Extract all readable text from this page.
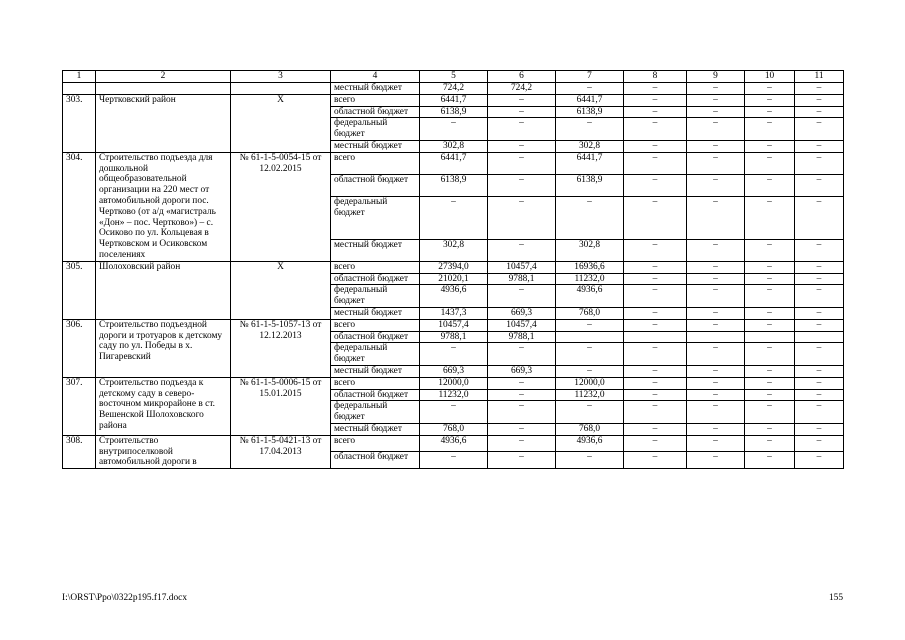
1	2	3	4	5	6	7	8	9	10	11
			местный бюджет	724,2	724,2	–	–	–	–	–
303.	Чертковский район	Х	всего	6441,7	–	6441,7	–	–	–	–
			областной бюджет	6138,9	–	6138,9	–	–	–	–
			федеральный бюджет	–	–	–	–	–	–	–
			местный бюджет	302,8	–	302,8	–	–	–	–
304.	Строительство подъезда для дошкольной общеобразовательной организации на 220 мест от автомобильной дороги пос. Чертково (от а/д «магистраль «Дон» – пос. Чертково») – с. Осиково по ул. Кольцевая в Чертковском и Осиковском поселениях	№ 61-1-5-0054-15 от 12.02.2015	всего	6441,7	–	6441,7	–	–	–	–
			областной бюджет	6138,9	–	6138,9	–	–	–	–
			федеральный бюджет	–	–	–	–	–	–	–
			местный бюджет	302,8	–	302,8	–	–	–	–
305.	Шолоховский район	Х	всего	27394,0	10457,4	16936,6	–	–	–	–
			областной бюджет	21020,1	9788,1	11232,0	–	–	–	–
			федеральный бюджет	4936,6	–	4936,6	–	–	–	–
			местный бюджет	1437,3	669,3	768,0	–	–	–	–
306.	Строительство подъездной дороги и тротуаров к детскому саду по ул. Победы в х. Пигаревский	№ 61-1-5-1057-13 от 12.12.2013	всего	10457,4	10457,4	–	–	–	–	–
			областной бюджет	9788,1	9788,1					
			федеральный бюджет	–	–	–	–	–	–	–
			местный бюджет	669,3	669,3	–	–	–	–	–
307.	Строительство подъезда к детскому саду в северо-восточном микрорайоне в ст. Вешенской Шолоховского района	№ 61-1-5-0006-15 от 15.01.2015	всего	12000,0	–	12000,0	–	–	–	–
			областной бюджет	11232,0	–	11232,0	–	–	–	–
			федеральный бюджет	–	–	–	–	–	–	–
			местный бюджет	768,0	–	768,0	–	–	–	–
308.	Строительство внутрипоселковой автомобильной дороги в	№ 61-1-5-0421-13 от 17.04.2013	всего	4936,6	–	4936,6	–	–	–	–
			областной бюджет	–	–	–	–	–	–	–
I:\ORST\Ppo\0322p195.f17.docx	155
